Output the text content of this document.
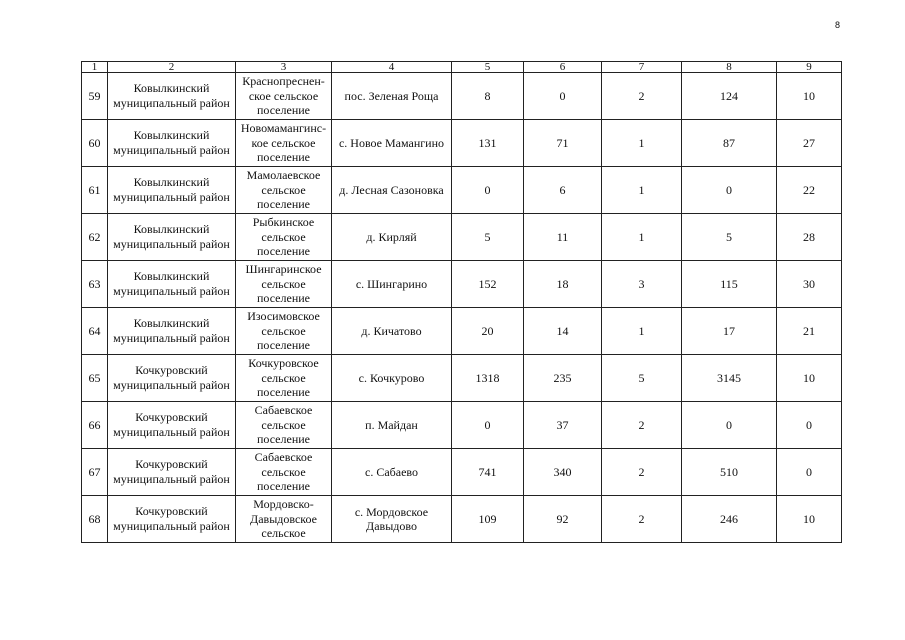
8
1	2	3	4	5	6	7	8	9
59	Ковылкинский
муниципальный район	Краснопреснен-
ское сельское
поселение	пос. Зеленая Роща	8	0	2	124	10
60	Ковылкинский
муниципальный район	Новомамангинс-
кое сельское
поселение	с. Новое Мамангино	131	71	1	87	27
61	Ковылкинский
муниципальный район	Мамолаевское
сельское
поселение	д. Лесная Сазоновка	0	6	1	0	22
62	Ковылкинский
муниципальный район	Рыбкинское
сельское
поселение	д. Кирляй	5	11	1	5	28
63	Ковылкинский
муниципальный район	Шингаринское
сельское
поселение	с. Шингарино	152	18	3	115	30
64	Ковылкинский
муниципальный район	Изосимовское
сельское
поселение	д. Кичатово	20	14	1	17	21
65	Кочкуровский
муниципальный район	Кочкуровское
сельское
поселение	с. Кочкурово	1318	235	5	3145	10
66	Кочкуровский
муниципальный район	Сабаевское
сельское
поселение	п. Майдан	0	37	2	0	0
67	Кочкуровский
муниципальный район	Сабаевское
сельское
поселение	с. Сабаево	741	340	2	510	0
68	Кочкуровский
муниципальный район	Мордовско-
Давыдовское
сельское	с. Мордовское
Давыдово	109	92	2	246	10
